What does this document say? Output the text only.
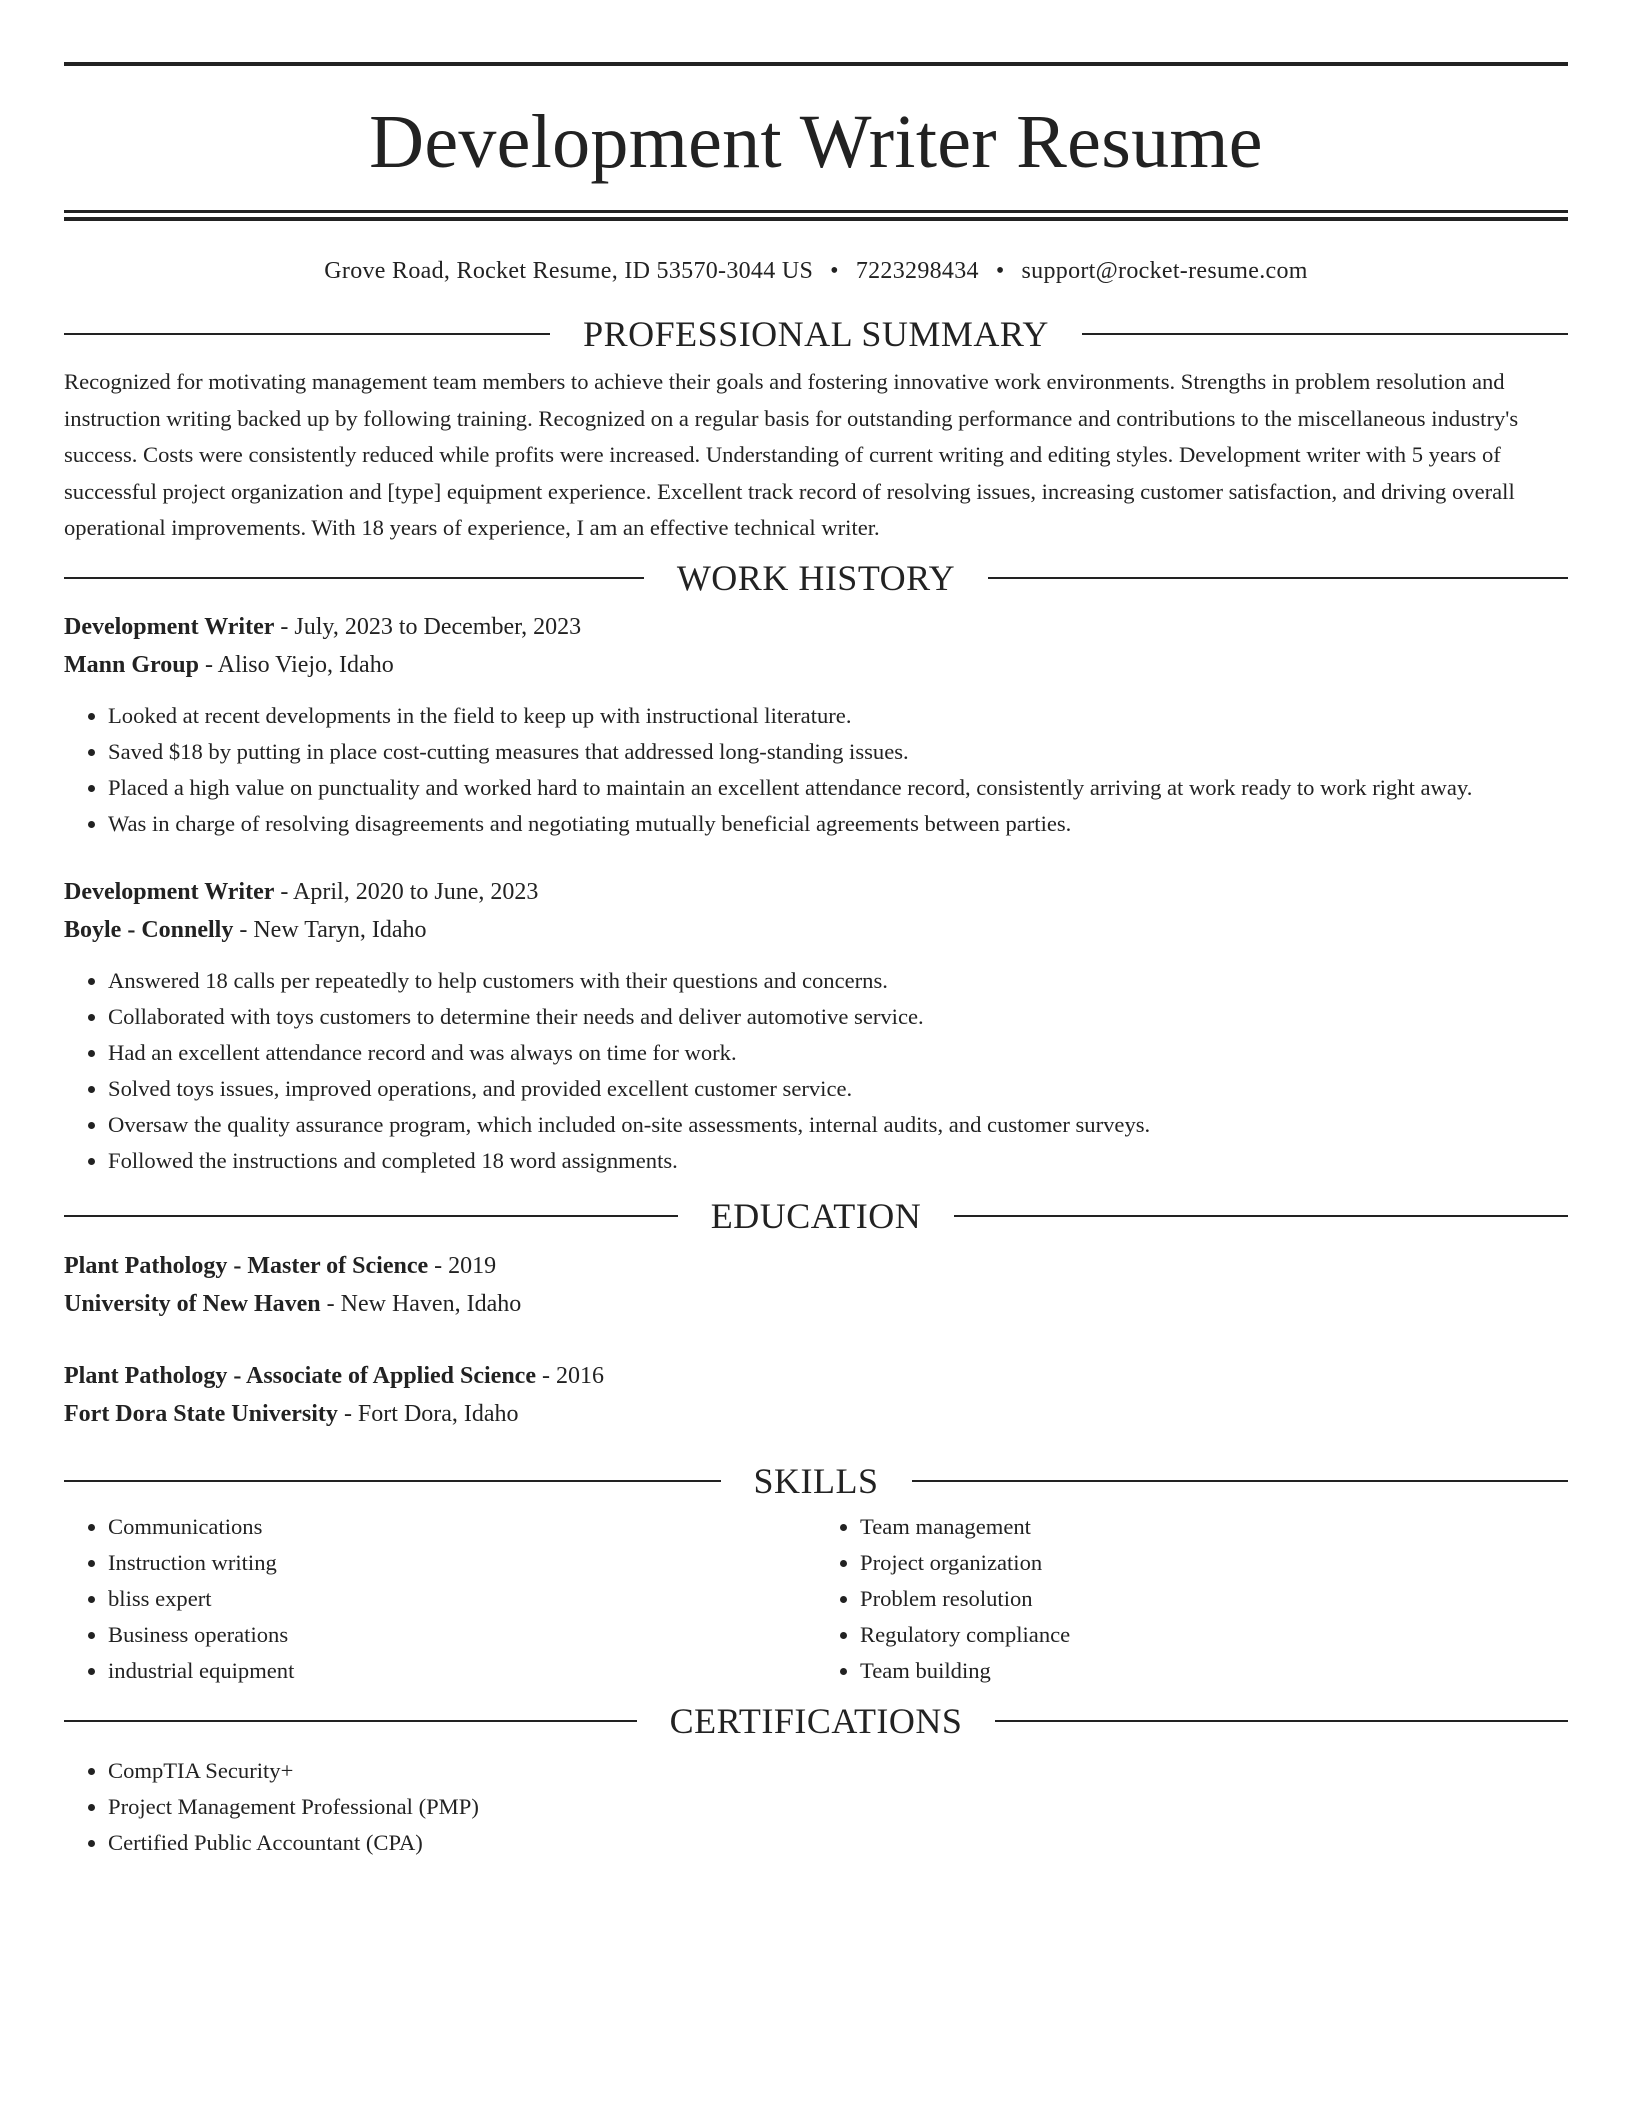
Development Writer Resume
Grove Road, Rocket Resume, ID 53570-3044 US • 7223298434 • support@rocket-resume.com
PROFESSIONAL SUMMARY

Recognized for motivating management team members to achieve their goals and fostering innovative work environments. Strengths in problem resolution and instruction writing backed up by following training. Recognized on a regular basis for outstanding performance and contributions to the miscellaneous industry's success. Costs were consistently reduced while profits were increased. Understanding of current writing and editing styles. Development writer with 5 years of successful project organization and [type] equipment experience. Excellent track record of resolving issues, increasing customer satisfaction, and driving overall operational improvements. With 18 years of experience, I am an effective technical writer.

WORK HISTORY

Development Writer - July, 2023 to December, 2023

Mann Group - Aliso Viejo, Idaho

• Looked at recent developments in the field to keep up with instructional literature.
• Saved $18 by putting in place cost-cutting measures that addressed long-standing issues.
• Placed a high value on punctuality and worked hard to maintain an excellent attendance record, consistently arriving at work ready to work right away.
• Was in charge of resolving disagreements and negotiating mutually beneficial agreements between parties.

Development Writer - April, 2020 to June, 2023

Boyle - Connelly - New Taryn, Idaho

• Answered 18 calls per repeatedly to help customers with their questions and concerns.
• Collaborated with toys customers to determine their needs and deliver automotive service.
• Had an excellent attendance record and was always on time for work.
• Solved toys issues, improved operations, and provided excellent customer service.
• Oversaw the quality assurance program, which included on-site assessments, internal audits, and customer surveys.
• Followed the instructions and completed 18 word assignments.
EDUCATION

Plant Pathology - Master of Science - 2019

University of New Haven - New Haven, Idaho

Plant Pathology - Associate of Applied Science - 2016

Fort Dora State University - Fort Dora, Idaho

SKILLS
• Communications
• Instruction writing
• bliss expert
• Business operations
• industrial equipment
• Team management
• Project organization
• Problem resolution
• Regulatory compliance
• Team building
CERTIFICATIONS
• CompTIA Security+
• Project Management Professional (PMP)
• Certified Public Accountant (CPA)
